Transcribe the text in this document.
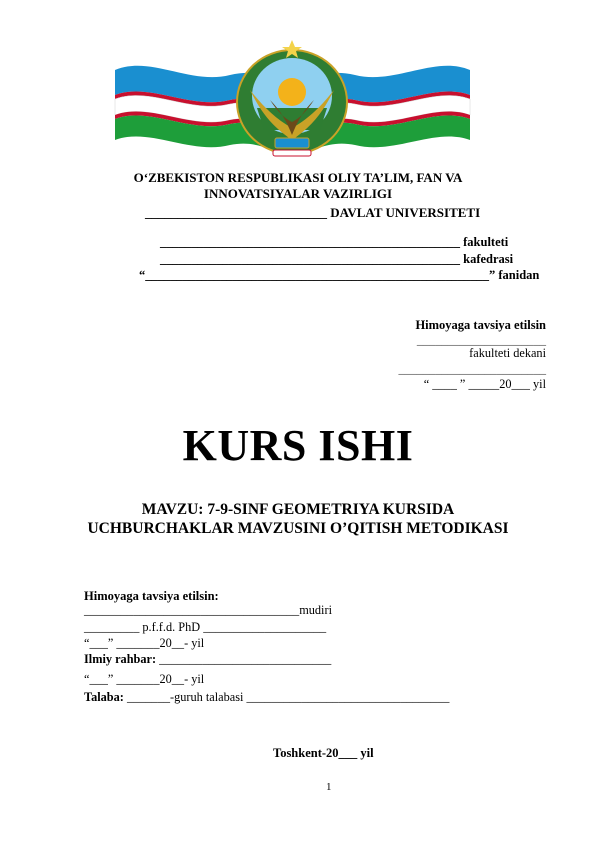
O‘ZBEKISTON RESPUBLIKASI OLIY TA’LIM, FAN VA
INNOVATSIYALAR VAZIRLIGI
____________________________ DAVLAT UNIVERSITETI
________________________________________________ fakulteti
________________________________________________ kafedrasi
“_______________________________________________________” fanidan
Himoyaga tavsiya etilsin
_____________________
fakulteti dekani
________________________
“ ____ ” _____20___ yil
KURS ISHI
MAVZU: 7-9-SINF GEOMETRIYA KURSIDA
UCHBURCHAKLAR MAVZUSINI O’QITISH METODIKASI
Himoyaga tavsiya etilsin:
___________________________________mudiri
_________ p.f.f.d. PhD ____________________
“___” _______20__- yil
Ilmiy rahbar: ____________________________
“___” _______20__- yil
Talaba: _______-guruh talabasi _________________________________
Toshkent-20___ yil
1
